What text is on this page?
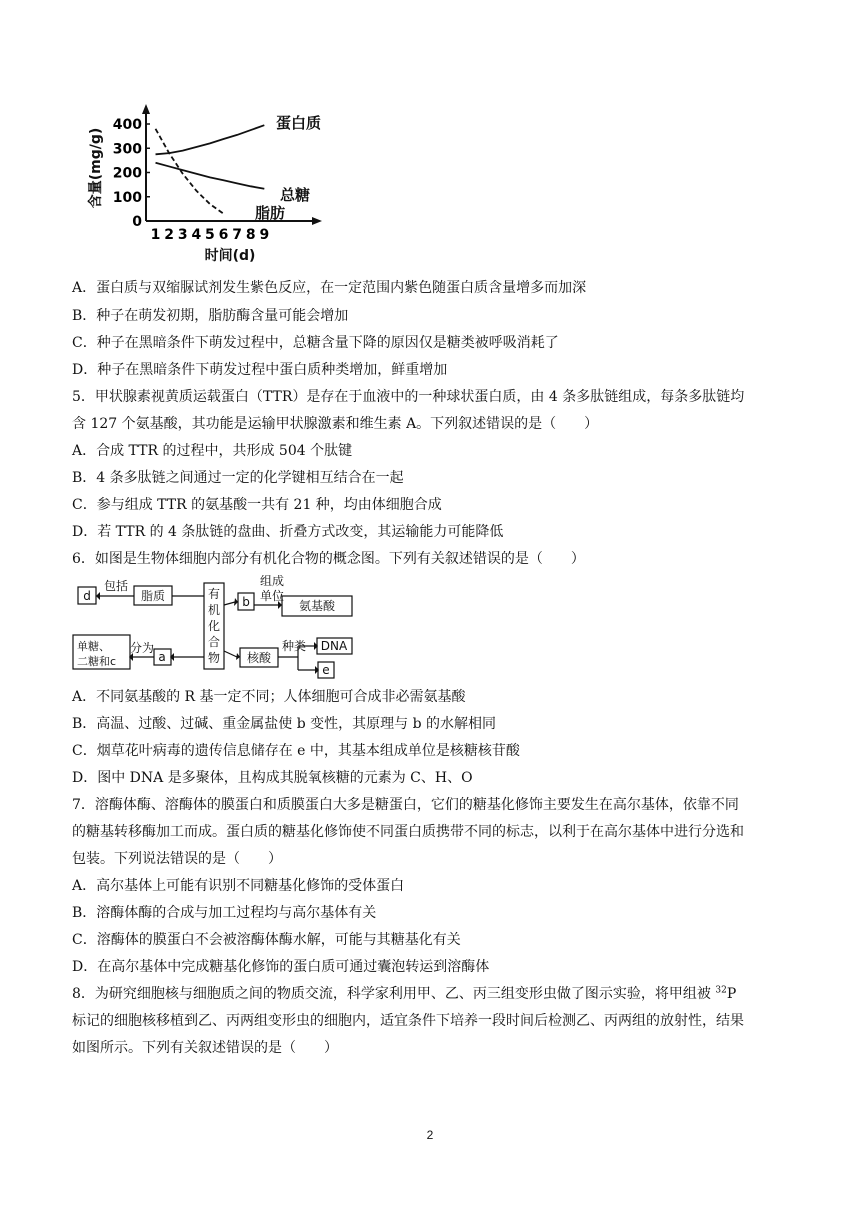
400
300
200
100
0
1 2 3 4 5 6 7 8 9
含量(mg/g)
时间(d)
蛋白质
总糖
脂肪
A．蛋白质与双缩脲试剂发生紫色反应，在一定范围内紫色随蛋白质含量增多而加深
B．种子在萌发初期，脂肪酶含量可能会增加
C．种子在黑暗条件下萌发过程中，总糖含量下降的原因仅是糖类被呼吸消耗了
D．种子在黑暗条件下萌发过程中蛋白质种类增加，鲜重增加
5．甲状腺素视黄质运载蛋白（TTR）是存在于血液中的一种球状蛋白质，由 4 条多肽链组成，每条多肽链均
含 127 个氨基酸，其功能是运输甲状腺激素和维生素 A。下列叙述错误的是（　　）
A．合成 TTR 的过程中，共形成 504 个肽键
B．4 条多肽链之间通过一定的化学键相互结合在一起
C．参与组成 TTR 的氨基酸一共有 21 种，均由体细胞合成
D．若 TTR 的 4 条肽链的盘曲、折叠方式改变，其运输能力可能降低
6．如图是生物体细胞内部分有机化合物的概念图。下列有关叙述错误的是（　　）
有
机
化
合
物
d
包括
脂质	b
组成
单位
氨基酸
单糖、
二糖和c
分为
a	核酸
种类 DNA
e
A．不同氨基酸的 R 基一定不同；人体细胞可合成非必需氨基酸
B．高温、过酸、过碱、重金属盐使 b 变性，其原理与 b 的水解相同
C．烟草花叶病毒的遗传信息储存在 e 中，其基本组成单位是核糖核苷酸
D．图中 DNA 是多聚体，且构成其脱氧核糖的元素为 C、H、O
7．溶酶体酶、溶酶体的膜蛋白和质膜蛋白大多是糖蛋白，它们的糖基化修饰主要发生在高尔基体，依靠不同
的糖基转移酶加工而成。蛋白质的糖基化修饰使不同蛋白质携带不同的标志，以利于在高尔基体中进行分选和
包装。下列说法错误的是（　　）
A．高尔基体上可能有识别不同糖基化修饰的受体蛋白
B．溶酶体酶的合成与加工过程均与高尔基体有关
C．溶酶体的膜蛋白不会被溶酶体酶水解，可能与其糖基化有关
D．在高尔基体中完成糖基化修饰的蛋白质可通过囊泡转运到溶酶体
8．为研究细胞核与细胞质之间的物质交流，科学家利用甲、乙、丙三组变形虫做了图示实验，将甲组被 $^{32}$P
标记的细胞核移植到乙、丙两组变形虫的细胞内，适宜条件下培养一段时间后检测乙、丙两组的放射性，结果
如图所示。下列有关叙述错误的是（　　）
2
